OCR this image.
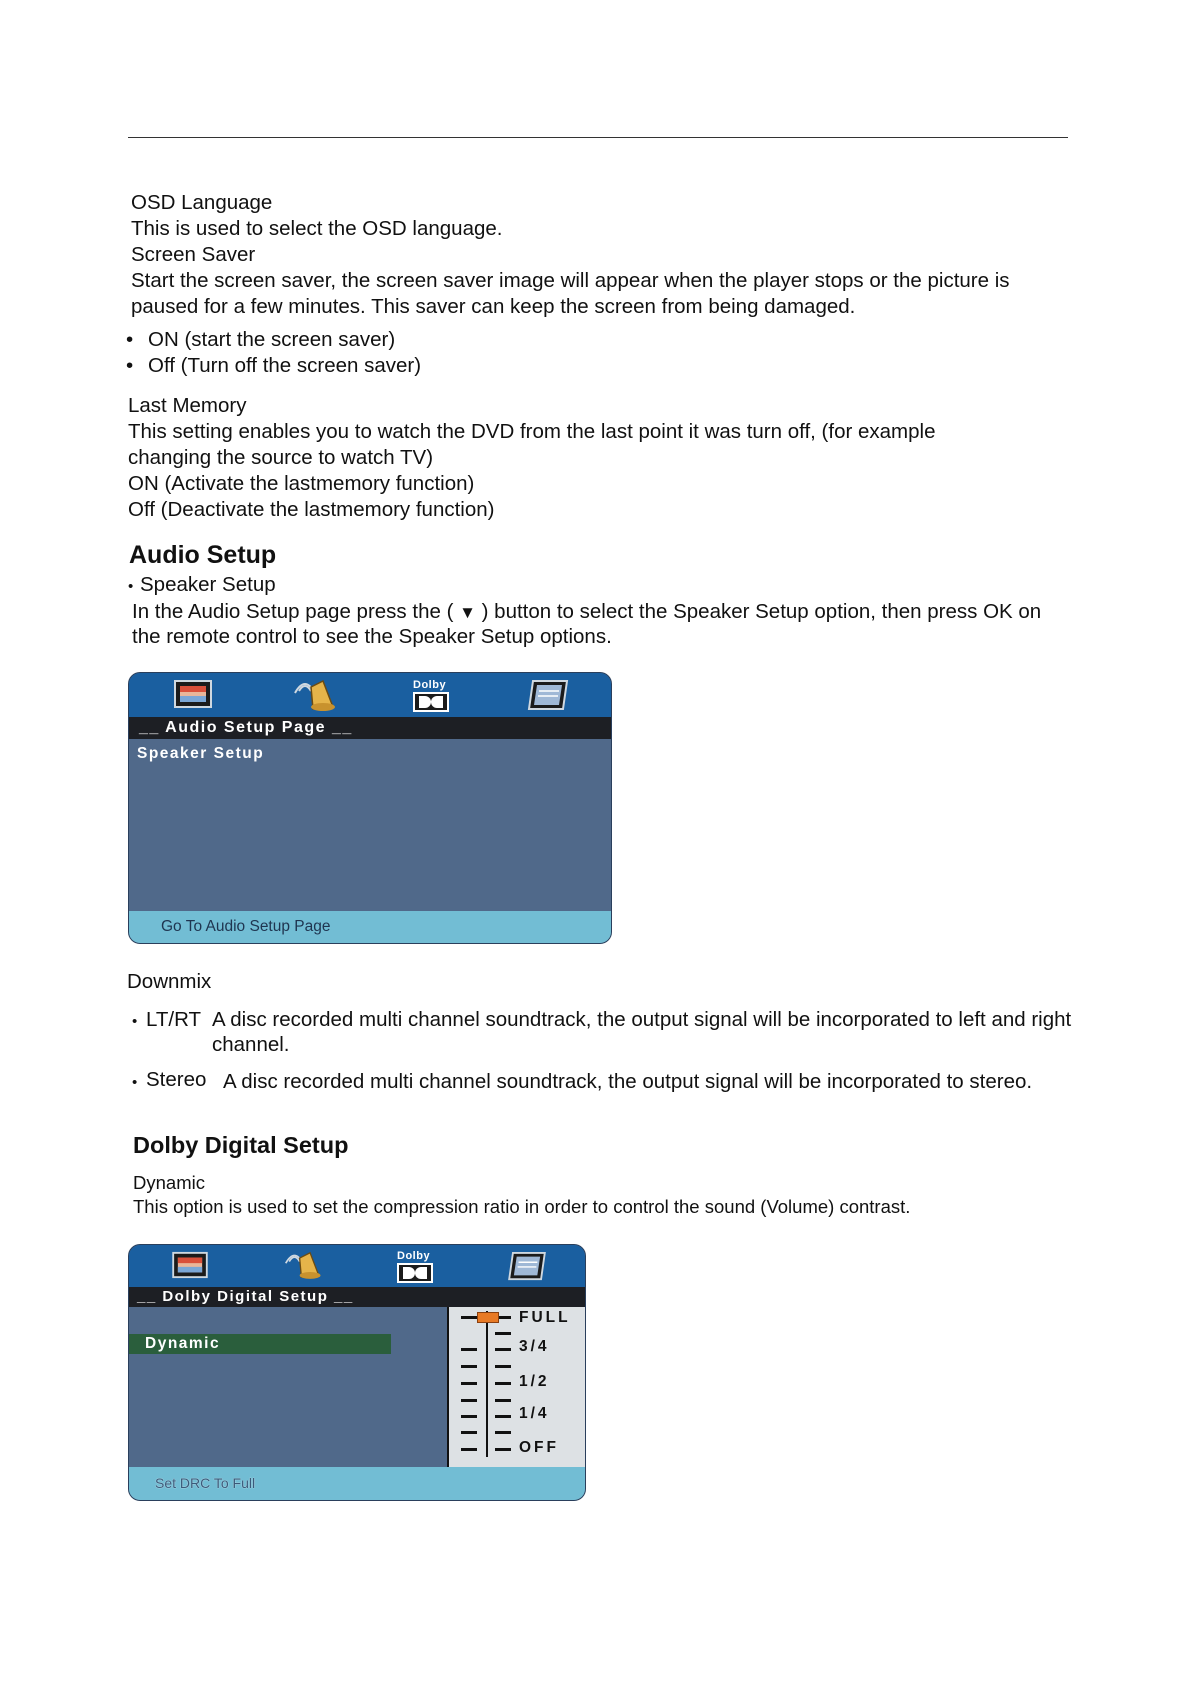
OSD Language
This is used to select the OSD language.
Screen Saver
Start the screen saver, the screen saver image will appear when the player stops or the picture is
paused for a few minutes. This saver can keep the screen from being damaged.
• ON (start the screen saver)
• Off (Turn off the screen saver)
Last Memory
This setting enables you to watch the DVD from the last point it was turn off, (for example
changing the source to watch TV)
ON (Activate the lastmemory function)
Off (Deactivate the lastmemory function)
Audio Setup
• Speaker Setup
In the Audio Setup page press the ( ▼ ) button to select the Speaker Setup option, then press OK on
the remote control to see the Speaker Setup options.
Dolby
__ Audio Setup Page __
Speaker Setup
Go To Audio Setup Page
Downmix
• LT/RT A disc recorded multi channel soundtrack, the output signal will be incorporated to left and right
channel.
• Stereo A disc recorded multi channel soundtrack, the output signal will be incorporated to stereo.
Dolby Digital Setup
Dynamic
This option is used to set the compression ratio in order to control the sound (Volume) contrast.
Dolby
__ Dolby Digital Setup __
Dynamic
FULL
3/4
1/2
1/4
OFF
Set DRC To Full
